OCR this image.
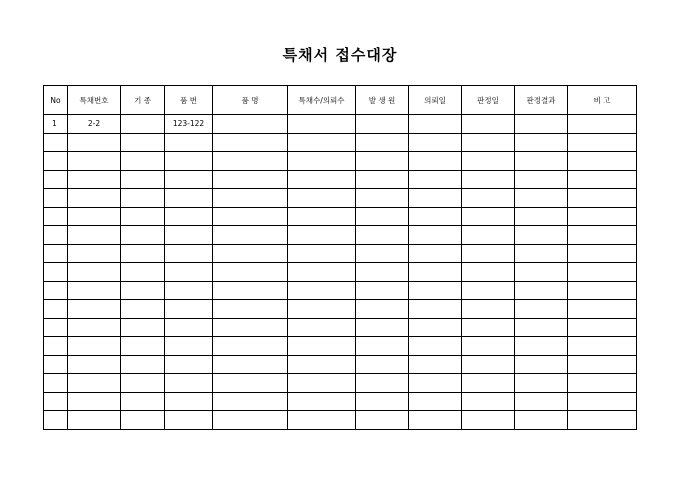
특채서 접수대장
No	특채번호	기 종	품 번	품 명	특채수/의뢰수	발 생 원	의뢰일	판정일	판정결과	비 고
1	2-2		123-122							
